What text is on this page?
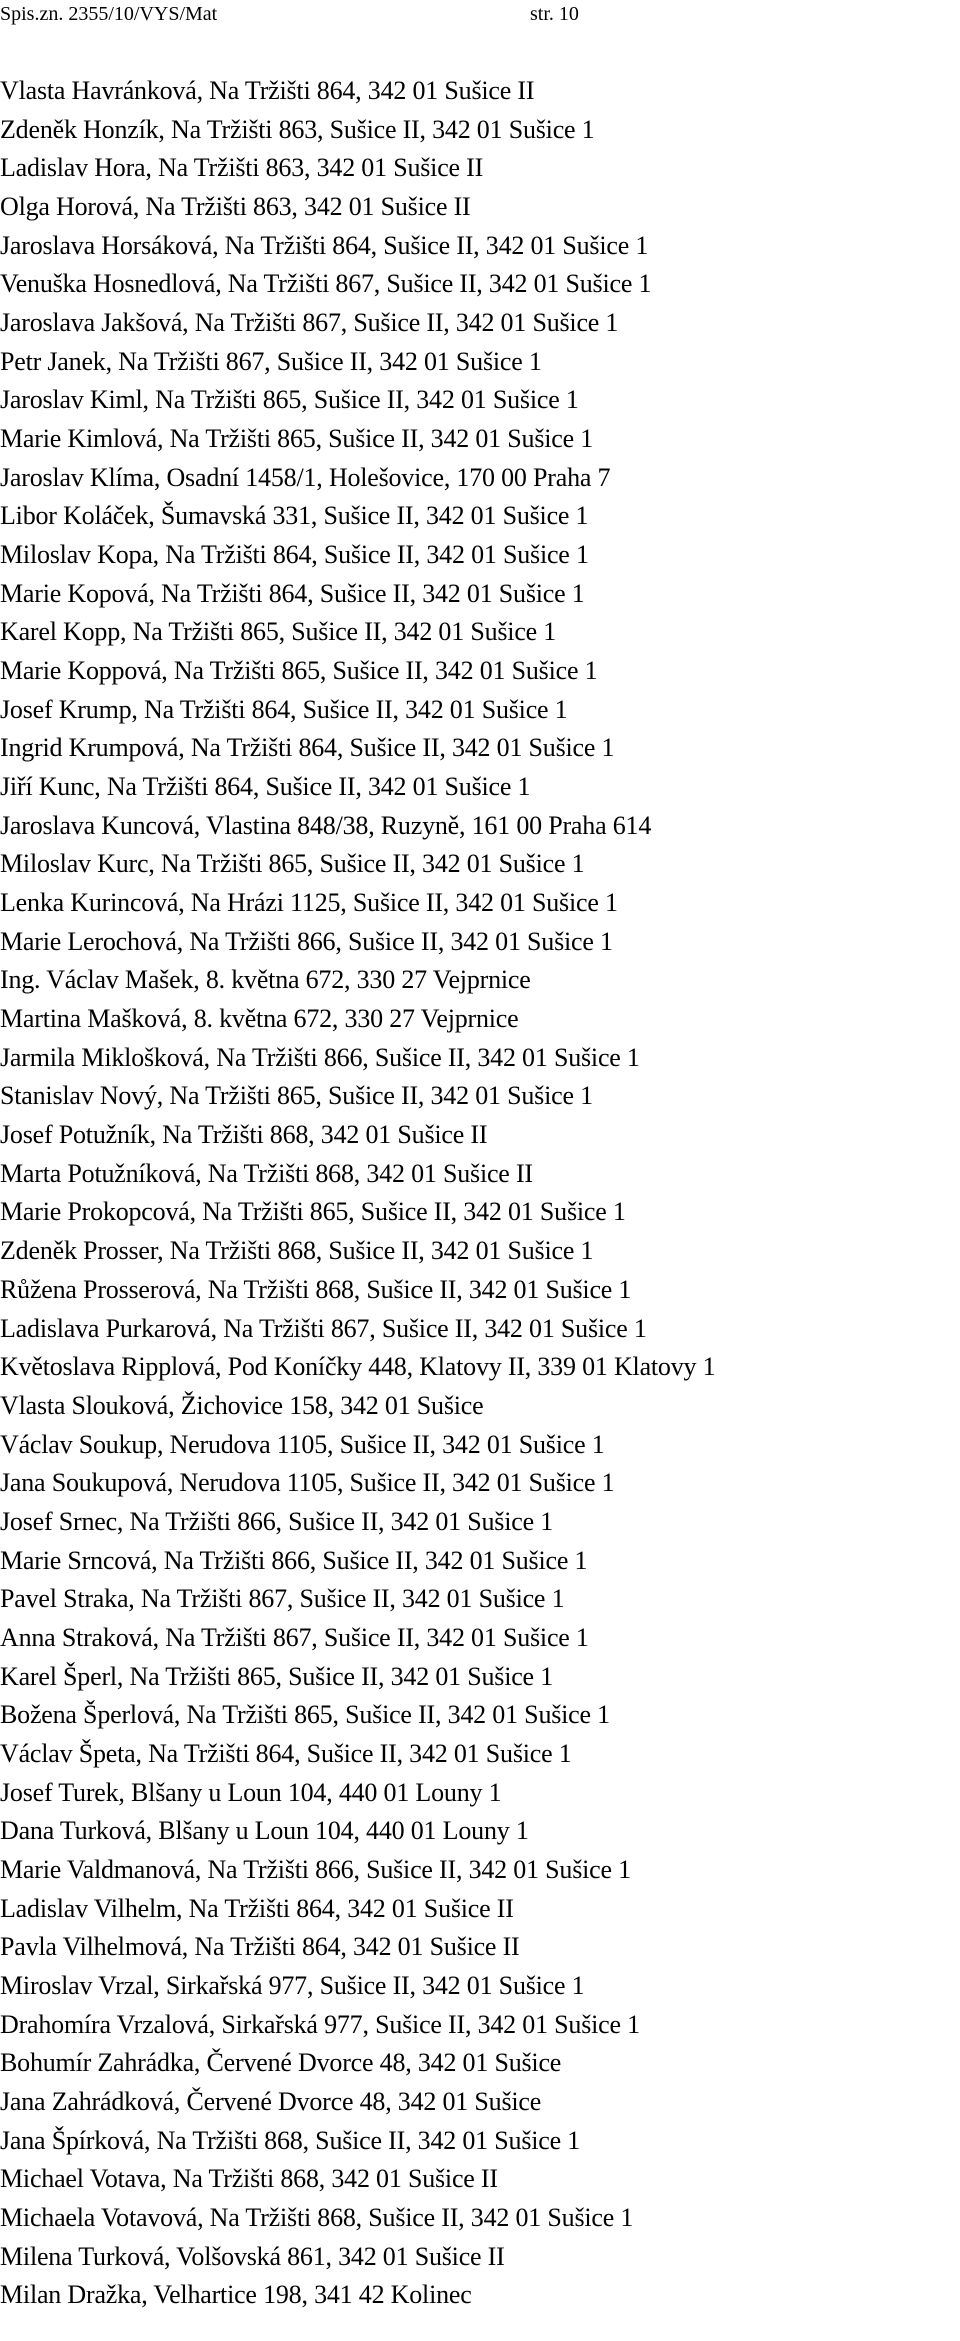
Spis.zn. 2355/10/VYS/Mat	str. 10
Vlasta Havránková, Na Tržišti 864, 342 01 Sušice II
Zdeněk Honzík, Na Tržišti 863, Sušice II, 342 01 Sušice 1
Ladislav Hora, Na Tržišti 863, 342 01 Sušice II
Olga Horová, Na Tržišti 863, 342 01 Sušice II
Jaroslava Horsáková, Na Tržišti 864, Sušice II, 342 01 Sušice 1
Venuška Hosnedlová, Na Tržišti 867, Sušice II, 342 01 Sušice 1
Jaroslava Jakšová, Na Tržišti 867, Sušice II, 342 01 Sušice 1
Petr Janek, Na Tržišti 867, Sušice II, 342 01 Sušice 1
Jaroslav Kiml, Na Tržišti 865, Sušice II, 342 01 Sušice 1
Marie Kimlová, Na Tržišti 865, Sušice II, 342 01 Sušice 1
Jaroslav Klíma, Osadní 1458/1, Holešovice, 170 00 Praha 7
Libor Koláček, Šumavská 331, Sušice II, 342 01 Sušice 1
Miloslav Kopa, Na Tržišti 864, Sušice II, 342 01 Sušice 1
Marie Kopová, Na Tržišti 864, Sušice II, 342 01 Sušice 1
Karel Kopp, Na Tržišti 865, Sušice II, 342 01 Sušice 1
Marie Koppová, Na Tržišti 865, Sušice II, 342 01 Sušice 1
Josef Krump, Na Tržišti 864, Sušice II, 342 01 Sušice 1
Ingrid Krumpová, Na Tržišti 864, Sušice II, 342 01 Sušice 1
Jiří Kunc, Na Tržišti 864, Sušice II, 342 01 Sušice 1
Jaroslava Kuncová, Vlastina 848/38, Ruzyně, 161 00 Praha 614
Miloslav Kurc, Na Tržišti 865, Sušice II, 342 01 Sušice 1
Lenka Kurincová, Na Hrázi 1125, Sušice II, 342 01 Sušice 1
Marie Lerochová, Na Tržišti 866, Sušice II, 342 01 Sušice 1
Ing. Václav Mašek, 8. května 672, 330 27 Vejprnice
Martina Mašková, 8. května 672, 330 27 Vejprnice
Jarmila Miklošková, Na Tržišti 866, Sušice II, 342 01 Sušice 1
Stanislav Nový, Na Tržišti 865, Sušice II, 342 01 Sušice 1
Josef Potužník, Na Tržišti 868, 342 01 Sušice II
Marta Potužníková, Na Tržišti 868, 342 01 Sušice II
Marie Prokopcová, Na Tržišti 865, Sušice II, 342 01 Sušice 1
Zdeněk Prosser, Na Tržišti 868, Sušice II, 342 01 Sušice 1
Růžena Prosserová, Na Tržišti 868, Sušice II, 342 01 Sušice 1
Ladislava Purkarová, Na Tržišti 867, Sušice II, 342 01 Sušice 1
Květoslava Ripplová, Pod Koníčky 448, Klatovy II, 339 01 Klatovy 1
Vlasta Slouková, Žichovice 158, 342 01 Sušice
Václav Soukup, Nerudova 1105, Sušice II, 342 01 Sušice 1
Jana Soukupová, Nerudova 1105, Sušice II, 342 01 Sušice 1
Josef Srnec, Na Tržišti 866, Sušice II, 342 01 Sušice 1
Marie Srncová, Na Tržišti 866, Sušice II, 342 01 Sušice 1
Pavel Straka, Na Tržišti 867, Sušice II, 342 01 Sušice 1
Anna Straková, Na Tržišti 867, Sušice II, 342 01 Sušice 1
Karel Šperl, Na Tržišti 865, Sušice II, 342 01 Sušice 1
Božena Šperlová, Na Tržišti 865, Sušice II, 342 01 Sušice 1
Václav Špeta, Na Tržišti 864, Sušice II, 342 01 Sušice 1
Josef Turek, Blšany u Loun 104, 440 01 Louny 1
Dana Turková, Blšany u Loun 104, 440 01 Louny 1
Marie Valdmanová, Na Tržišti 866, Sušice II, 342 01 Sušice 1
Ladislav Vilhelm, Na Tržišti 864, 342 01 Sušice II
Pavla Vilhelmová, Na Tržišti 864, 342 01 Sušice II
Miroslav Vrzal, Sirkařská 977, Sušice II, 342 01 Sušice 1
Drahomíra Vrzalová, Sirkařská 977, Sušice II, 342 01 Sušice 1
Bohumír Zahrádka, Červené Dvorce 48, 342 01 Sušice
Jana Zahrádková, Červené Dvorce 48, 342 01 Sušice
Jana Špírková, Na Tržišti 868, Sušice II, 342 01 Sušice 1
Michael Votava, Na Tržišti 868, 342 01 Sušice II
Michaela Votavová, Na Tržišti 868, Sušice II, 342 01 Sušice 1
Milena Turková, Volšovská 861, 342 01 Sušice II
Milan Dražka, Velhartice 198, 341 42 Kolinec
